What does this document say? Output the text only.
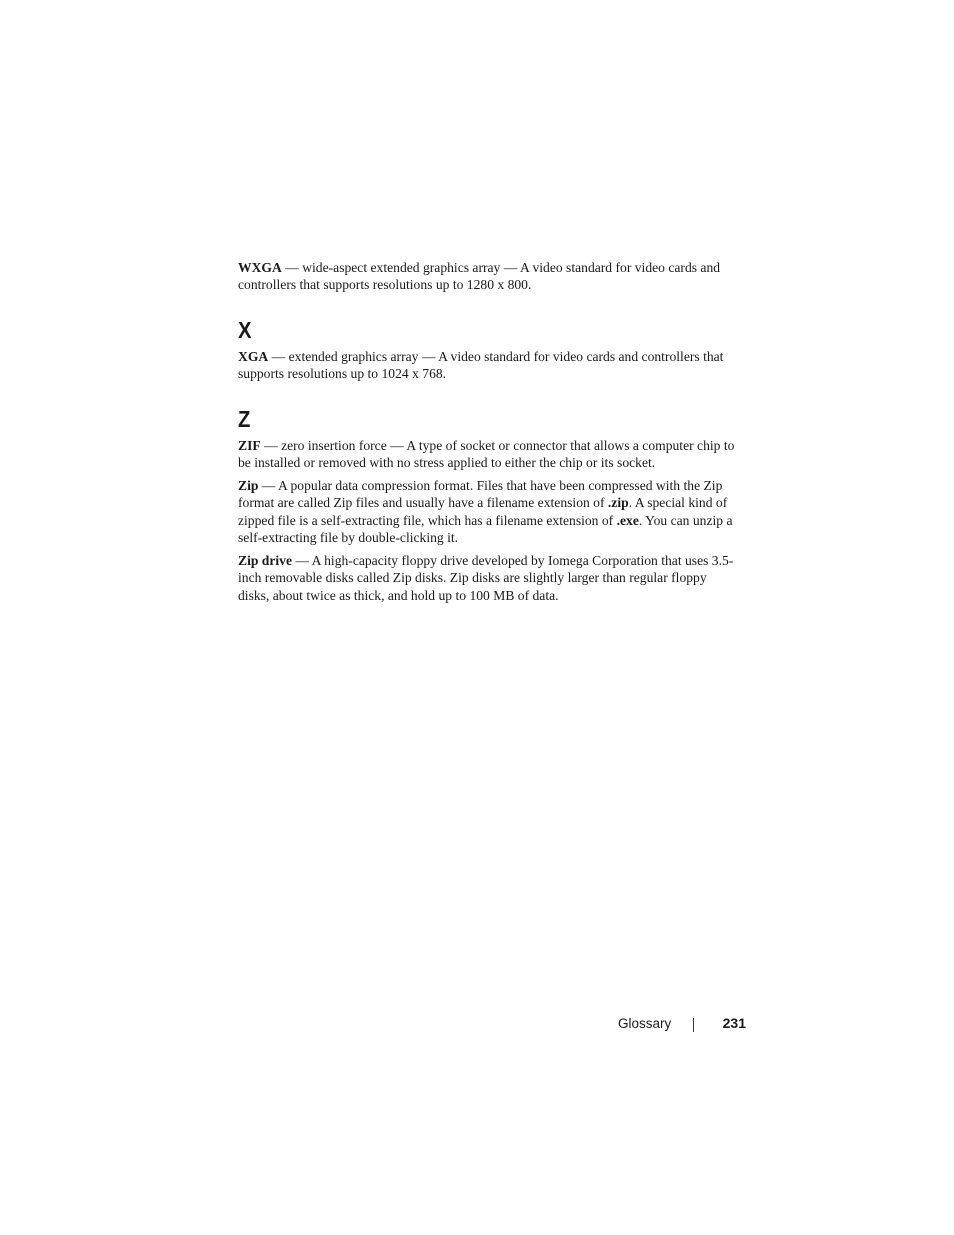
WXGA — wide-aspect extended graphics array — A video standard for video cards and controllers that supports resolutions up to 1280 x 800.

X

XGA — extended graphics array — A video standard for video cards and controllers that supports resolutions up to 1024 x 768.

Z

ZIF — zero insertion force — A type of socket or connector that allows a computer chip to be installed or removed with no stress applied to either the chip or its socket.

Zip — A popular data compression format. Files that have been compressed with the Zip format are called Zip files and usually have a filename extension of .zip. A special kind of zipped file is a self-extracting file, which has a filename extension of .exe. You can unzip a self-extracting file by double-clicking it.

Zip drive — A high-capacity floppy drive developed by Iomega Corporation that uses 3.5-inch removable disks called Zip disks. Zip disks are slightly larger than regular floppy disks, about twice as thick, and hold up to 100 MB of data.

Glossary	231
